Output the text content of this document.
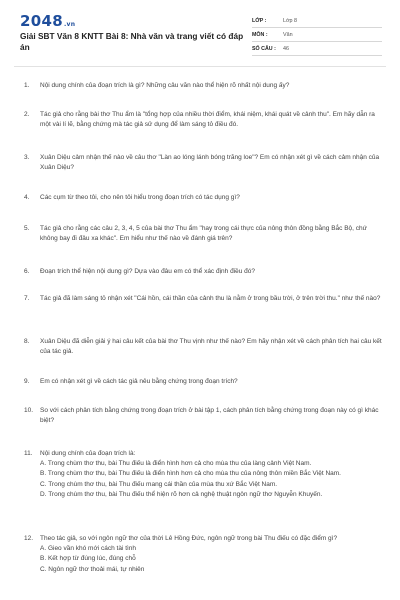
2048.vn
Giải SBT Văn 8 KNTT Bài 8: Nhà văn và trang viết có đáp án
LỚP :	Lớp 8
MÔN :	Văn
SỐ CÂU :	46
1.	Nội dung chính của đoạn trích là gì? Những câu văn nào thể hiện rõ nhất nội dung ấy?
2.	Tác giả cho rằng bài thơ Thu ẩm là "tổng hợp của nhiều thời điểm, khái niệm, khái quát về cảnh thu". Em hãy dẫn ra một vài lí lẽ, bằng chứng mà tác giả sử dụng để làm sáng tỏ điều đó.
3.	Xuân Diệu cảm nhận thế nào về câu thơ "Làn ao lóng lánh bóng trăng loe"? Em có nhận xét gì về cách cảm nhận của Xuân Diệu?
4.	Các cụm từ theo tôi, cho nên tôi hiểu trong đoạn trích có tác dụng gì?
5.	Tác giả cho rằng các câu 2, 3, 4, 5 của bài thơ Thu ẩm "hay trong cái thực của nông thôn đồng bằng Bắc Bộ, chứ không bay đi đâu xa khác". Em hiểu như thế nào về đánh giá trên?
6.	Đoạn trích thể hiện nội dung gì? Dựa vào đâu em có thể xác định điều đó?
7.	Tác giả đã làm sáng tỏ nhận xét "Cái hồn, cái thần của cảnh thu là nằm ở trong bầu trời, ở trên trời thu." như thế nào?
8.	Xuân Diệu đã diễn giải ý hai câu kết của bài thơ Thu vịnh như thế nào? Em hãy nhận xét về cách phân tích hai câu kết của tác giả.
9.	Em có nhận xét gì về cách tác giả nêu bằng chứng trong đoạn trích?
10.	So với cách phân tích bằng chứng trong đoạn trích ở bài tập 1, cách phân tích bằng chứng trong đoạn này có gì khác biệt?
11.	Nội dung chính của đoạn trích là:
A. Trong chùm thơ thu, bài Thu điếu là điển hình hơn cả cho mùa thu của làng cảnh Việt Nam.
B. Trong chùm thơ thu, bài Thu điếu là điển hình hơn cả cho mùa thu của nông thôn miền Bắc Việt Nam.
C. Trong chùm thơ thu, bài Thu điếu mang cái thần của mùa thu xứ Bắc Việt Nam.
D. Trong chùm thơ thu, bài Thu điếu thể hiện rõ hơn cả nghệ thuật ngôn ngữ thơ Nguyễn Khuyến.
12.	Theo tác giả, so với ngôn ngữ thơ của thời Lê Hồng Đức, ngôn ngữ trong bài Thu điếu có đặc điểm gì?
A. Gieo vần khó mới cách tài tình
B. Kết hợp từ đúng lúc, đúng chỗ
C. Ngôn ngữ thơ thoải mái, tự nhiên
